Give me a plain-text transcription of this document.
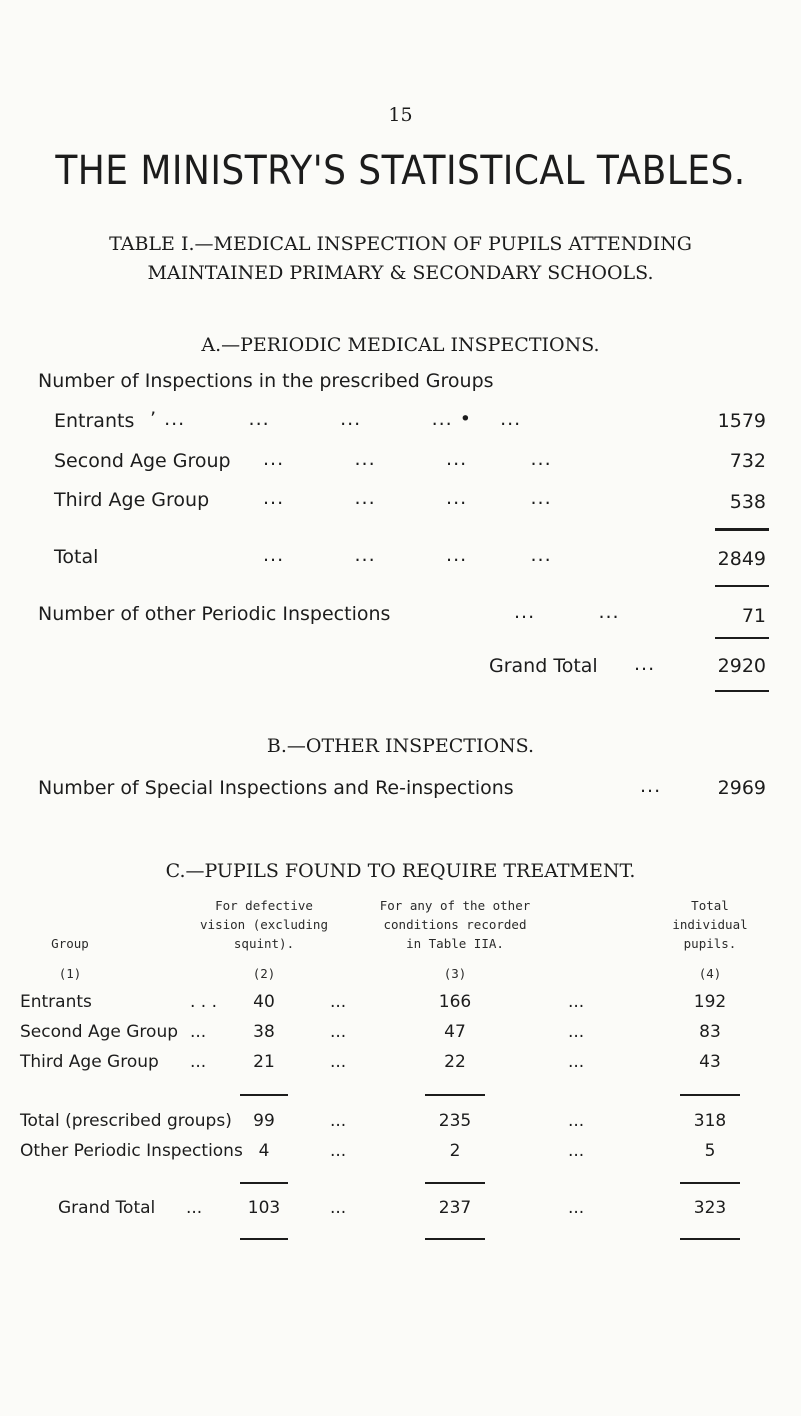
15
THE MINISTRY'S STATISTICAL TABLES.
TABLE I.—MEDICAL INSPECTION OF PUPILS ATTENDING
MAINTAINED PRIMARY & SECONDARY SCHOOLS.
A.—PERIODIC MEDICAL INSPECTIONS.
Number of Inspections in the prescribed Groups
Entrants ’ ...         ...          ...          ... •    ...	1579
Second Age Group ...          ...          ...         ...	732
Third Age Group	...          ...          ...         ...	538
Total	...          ...          ...         ...	2849
Number of other Periodic Inspections	...         ...	71
Grand Total ...	2920
B.—OTHER INSPECTIONS.
Number of Special Inspections and Re-inspections	...	2969
C.—PUPILS FOUND TO REQUIRE TREATMENT.
For defective
vision (excluding
squint).
For any of the other
conditions recorded
in Table IIA.
Total
individual
pupils.
Group
(1)	(2)	(3)	(4)
Entrants	. . .	40	...	166	...	192
Second Age Group ...	38	...	47	...	83
Third Age Group ...	21	...	22	...	43
Total (prescribed groups)	99	...	235	...	318
Other Periodic Inspections 4	...	2	...	5
Grand Total ...	103	...	237	...	323
